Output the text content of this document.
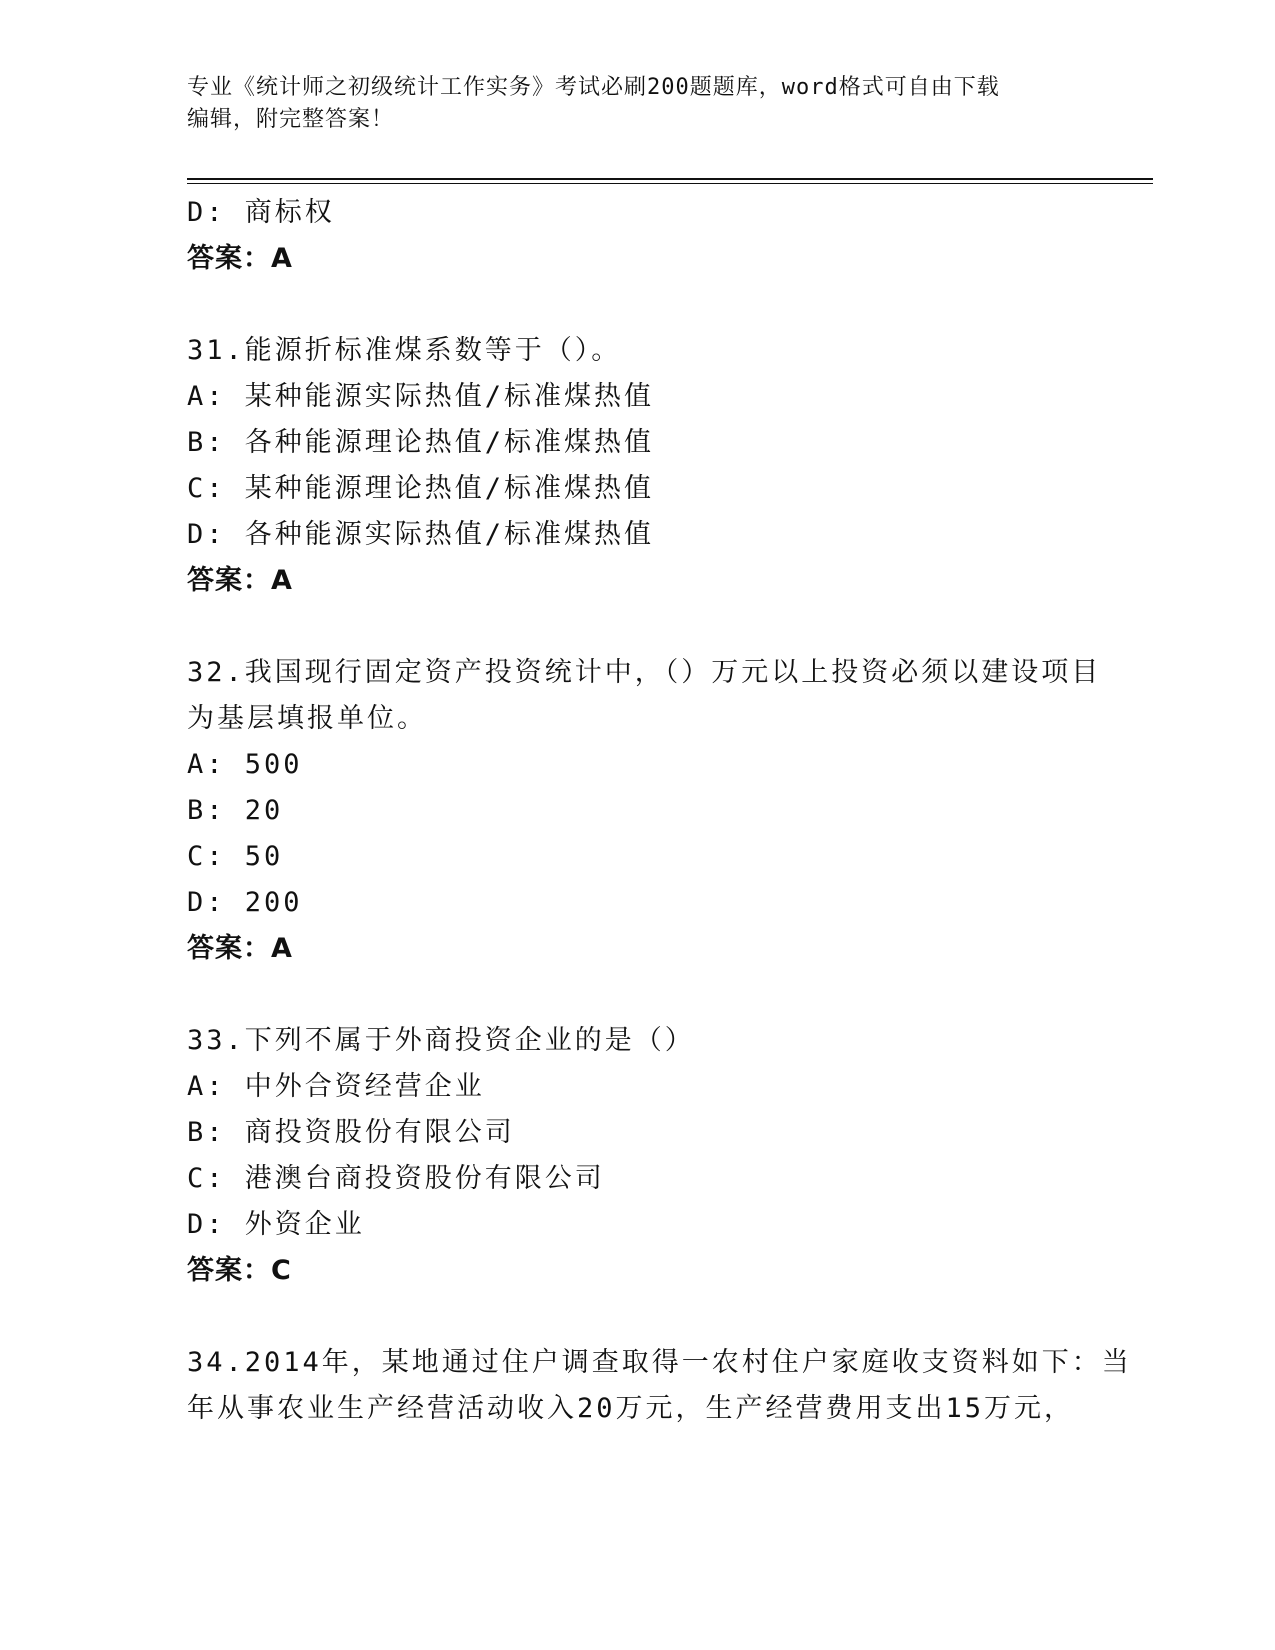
专业《统计师之初级统计工作实务》考试必刷200题题库，word格式可自由下载
编辑，附完整答案！
D: 商标权
答案：A
31.能源折标准煤系数等于（）。
A: 某种能源实际热值/标准煤热值
B: 各种能源理论热值/标准煤热值
C: 某种能源理论热值/标准煤热值
D: 各种能源实际热值/标准煤热值
答案：A
32.我国现行固定资产投资统计中，（）万元以上投资必须以建设项目
为基层填报单位。
A: 500
B: 20
C: 50
D: 200
答案：A
33.下列不属于外商投资企业的是（）
A: 中外合资经营企业
B: 商投资股份有限公司
C: 港澳台商投资股份有限公司
D: 外资企业
答案：C
34.2014年，某地通过住户调查取得一农村住户家庭收支资料如下：当
年从事农业生产经营活动收入20万元，生产经营费用支出15万元，
